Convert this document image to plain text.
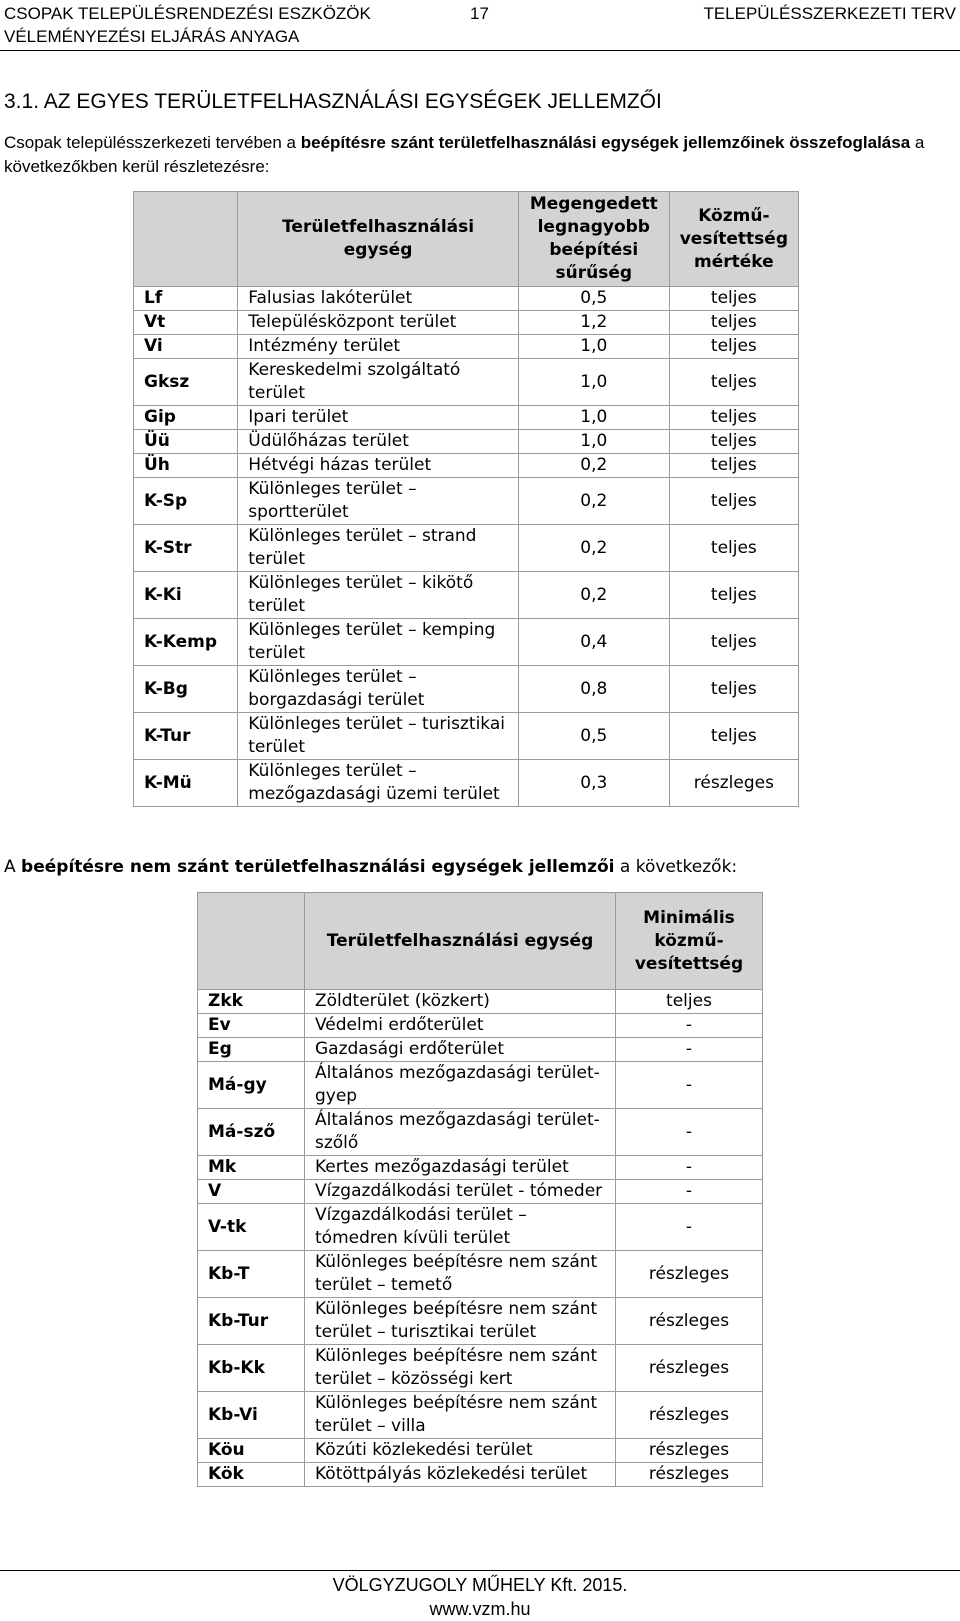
CSOPAK TELEPÜLÉSRENDEZÉSI ESZKÖZÖK
VÉLEMÉNYEZÉSI ELJÁRÁS ANYAGA
17	TELEPÜLÉSSZERKEZETI TERV
3.1. AZ EGYES TERÜLETFELHASZNÁLÁSI EGYSÉGEK JELLEMZŐI

Csopak településszerkezeti tervében a beépítésre szánt területfelhasználási egységek jellemzőinek összefoglalása a következőkben kerül részletezésre:

	Területfelhasználási egység	Megengedett legnagyobb beépítési sűrűség	Közmű-vesítettség mértéke
Lf	Falusias lakóterület	0,5	teljes
Vt	Településközpont terület	1,2	teljes
Vi	Intézmény terület	1,0	teljes
Gksz	Kereskedelmi szolgáltató terület	1,0	teljes
Gip	Ipari terület	1,0	teljes
Üü	Üdülőházas terület	1,0	teljes
Üh	Hétvégi házas terület	0,2	teljes
K-Sp	Különleges terület – sportterület	0,2	teljes
K-Str	Különleges terület – strand terület	0,2	teljes
K-Ki	Különleges terület – kikötő terület	0,2	teljes
K-Kemp	Különleges terület – kemping terület	0,4	teljes
K-Bg	Különleges terület – borgazdasági terület	0,8	teljes
K-Tur	Különleges terület – turisztikai terület	0,5	teljes
K-Mü	Különleges terület – mezőgazdasági üzemi terület	0,3	részleges

A beépítésre nem szánt területfelhasználási egységek jellemzői a következők:

	Területfelhasználási egység	Minimális közmű-vesítettség
Zkk	Zöldterület (közkert)	teljes
Ev	Védelmi erdőterület	-
Eg	Gazdasági erdőterület	-
Má-gy	Általános mezőgazdasági terület-gyep	-
Má-sző	Általános mezőgazdasági terület-szőlő	-
Mk	Kertes mezőgazdasági terület	-
V	Vízgazdálkodási terület - tómeder	-
V-tk	Vízgazdálkodási terület – tómedren kívüli terület	-
Kb-T	Különleges beépítésre nem szánt terület – temető	részleges
Kb-Tur	Különleges beépítésre nem szánt terület – turisztikai terület	részleges
Kb-Kk	Különleges beépítésre nem szánt terület – közösségi kert	részleges
Kb-Vi	Különleges beépítésre nem szánt terület – villa	részleges
Köu	Közúti közlekedési terület	részleges
Kök	Kötöttpályás közlekedési terület	részleges
VÖLGYZUGOLY MŰHELY Kft. 2015.
www.vzm.hu
